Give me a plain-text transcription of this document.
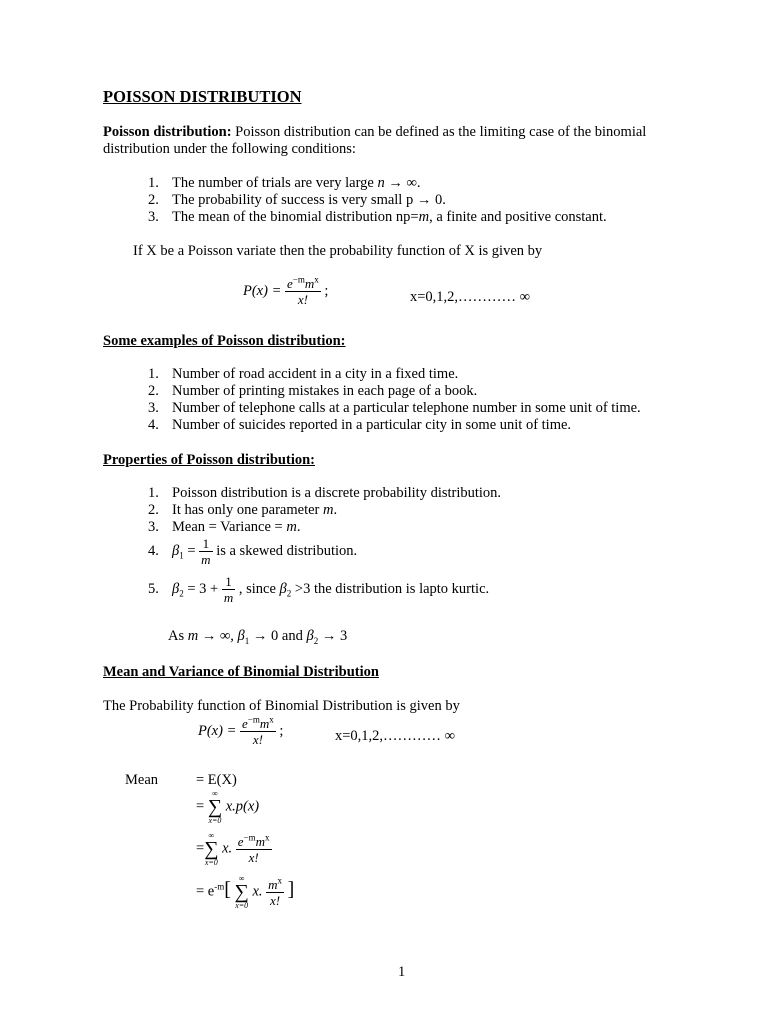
POISSON DISTRIBUTION
Poisson distribution: Poisson distribution can be defined as the limiting case of the binomial
distribution under the following conditions:
1. The number of trials are very large n → ∞.
2. The probability of success is very small p → 0.
3. The mean of the binomial distribution np=m, a finite and positive constant.
If X be a Poisson variate then the probability function of X is given by
$P(x) = \frac{e^{-m}m^x}{x!}$ ;	x=0,1,2,………… ∞
Some examples of Poisson distribution:
1. Number of road accident in a city in a fixed time.
2. Number of printing mistakes in each page of a book.
3. Number of telephone calls at a particular telephone number in some unit of time.
4. Number of suicides reported in a particular city in some unit of time.
Properties of Poisson distribution:
1. Poisson distribution is a discrete probability distribution.
2. It has only one parameter m.
3. Mean = Variance = m.
4. $\beta_1 = \frac{1}{m}$ is a skewed distribution.
5. $\beta_2 = 3 + \frac{1}{m}$ , since $\beta_2 >3$ the distribution is lapto kurtic.
As m → ∞, $\beta_1 \to 0$ and $\beta_2 \to 3$
Mean and Variance of Binomial Distribution
The Probability function of Binomial Distribution is given by
$P(x) = \frac{e^{-m}m^x}{x!}$ ;	x=0,1,2,………… ∞
Mean	= E(X)
= ∞
∑
x=0 x.p(x)
=∞
∑
x=0 x. $\frac{e^{-m}m^x}{x!}$
= $e^{-m}$[ ∞
∑
x=0 x. $\frac{m^x}{x!}$ ]
1
